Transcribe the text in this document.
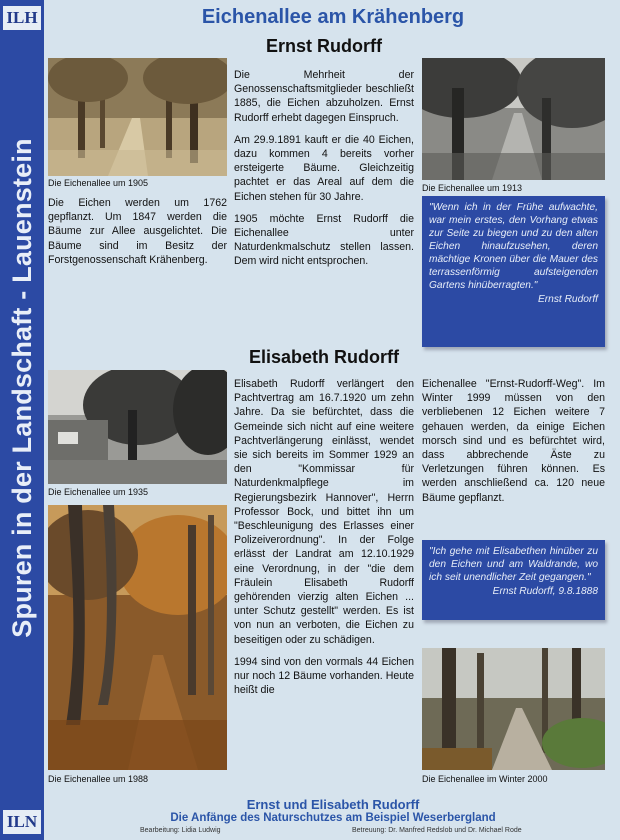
ILH
Spuren in der Landschaft - Lauenstein
ILN
Eichenallee am Krähenberg
Ernst Rudorff
Die Eichenallee um 1905
Die Eichen werden um 1762 gepflanzt. Um 1847 werden die Bäume zur Allee ausgelichtet. Die Bäume sind im Besitz der Forstgenossenschaft Krähenberg.

Die Mehrheit der Genossenschaftsmitglieder beschließt 1885, die Eichen abzuholzen. Ernst Rudorff erhebt dagegen Einspruch.

Am 29.9.1891 kauft er die 40 Eichen, dazu kommen 4 bereits vorher ersteigerte Bäume. Gleichzeitig pachtet er das Areal auf dem die Eichen stehen für 30 Jahre.

1905 möchte Ernst Rudorff die Eichenallee unter Naturdenkmalschutz stellen lassen. Dem wird nicht entsprochen.

Die Eichenallee um 1913
"Wenn ich in der Frühe aufwachte, war mein erstes, den Vorhang etwas zur Seite zu biegen und zu den alten Eichen hinaufzusehen, deren mächtige Kronen über die Mauer des terrassenförmig aufsteigenden Gartens hinüberragten."
Ernst Rudorff
Elisabeth Rudorff
Die Eichenallee um 1935
Die Eichenallee um 1988

Elisabeth Rudorff verlängert den Pachtvertrag am 16.7.1920 um zehn Jahre. Da sie befürchtet, dass die Gemeinde sich nicht auf eine weitere Pachtverlängerung einlässt, wendet sie sich bereits im Sommer 1929 an den "Kommissar für Naturdenkmalpflege im Regierungsbezirk Hannover", Herrn Professor Bock, und bittet ihn um "Beschleunigung des Erlasses einer Polizeiverordnung". In der Folge erlässt der Landrat am 12.10.1929 eine Verordnung, in der "die dem Fräulein Elisabeth Rudorff gehörenden vierzig alten Eichen ... unter Schutz gestellt" werden. Es ist von nun an verboten, die Eichen zu beseitigen oder zu schädigen.

1994 sind von den vormals 44 Eichen nur noch 12 Bäume vorhanden. Heute heißt die

Eichenallee "Ernst-Rudorff-Weg". Im Winter 1999 müssen von den verbliebenen 12 Eichen weitere 7 gehauen werden, da einige Eichen morsch sind und es befürchtet wird, dass abbrechende Äste zu Verletzungen führen können. Es werden anschließend ca. 120 neue Bäume gepflanzt.
"Ich gehe mit Elisabethen hinüber zu den Eichen und am Waldrande, wo ich seit unendlicher Zeit gegangen."
Ernst Rudorff, 9.8.1888
Die Eichenallee im Winter 2000
Ernst und Elisabeth Rudorff
Die Anfänge des Naturschutzes am Beispiel Weserbergland
Bearbeitung: Lidia Ludwig	Betreuung: Dr. Manfred Redslob und Dr. Michael Rode
